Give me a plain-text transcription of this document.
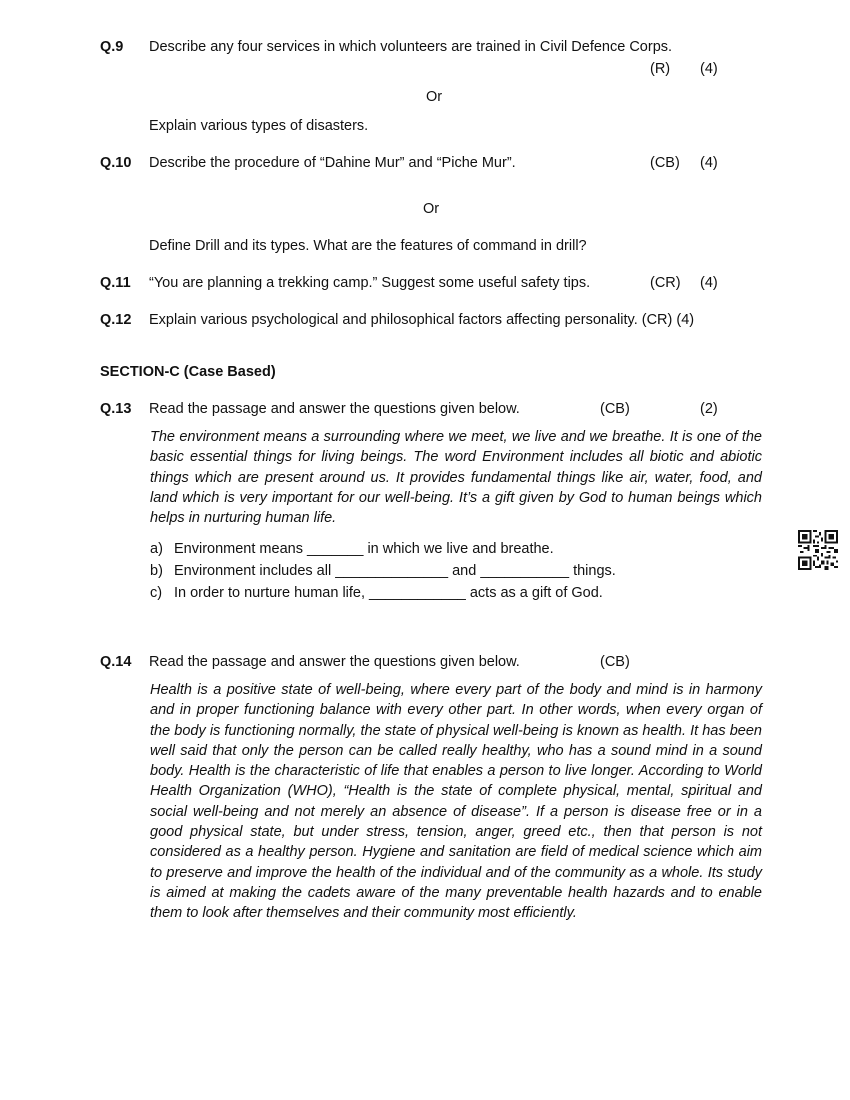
Q.9 Describe any four services in which volunteers are trained in Civil Defence Corps.
(R) (4)
Or
Explain various types of disasters.
Q.10 Describe the procedure of “Dahine Mur” and “Piche Mur”.	(CB) (4)
Or
Define Drill and its types. What are the features of command in drill?
Q.11 “You are planning a trekking camp.” Suggest some useful safety tips.	(CR) (4)
Q.12 Explain various psychological and philosophical factors affecting personality. (CR) (4)
SECTION-C (Case Based)
Q.13 Read the passage and answer the questions given below.	(CB)	(2)
The environment means a surrounding where we meet, we live and we breathe. It is one of the basic essential things for living beings. The word Environment includes all biotic and abiotic things which are present around us. It provides fundamental things like air, water, food, and land which is very important for our well-being. It’s a gift given by God to human beings which helps in nurturing human life.
a) Environment means _______ in which we live and breathe.
b) Environment includes all ______________ and ___________ things.
c) In order to nurture human life, ____________ acts as a gift of God.
Q.14 Read the passage and answer the questions given below.	(CB)
Health is a positive state of well-being, where every part of the body and mind is in harmony and in proper functioning balance with every other part. In other words, when every organ of the body is functioning normally, the state of physical well-being is known as health. It has been well said that only the person can be called really healthy, who has a sound mind in a sound body. Health is the characteristic of life that enables a person to live longer. According to World Health Organization (WHO), “Health is the state of complete physical, mental, spiritual and social well-being and not merely an absence of disease”. If a person is disease free or in a good physical state, but under stress, tension, anger, greed etc., then that person is not considered as a healthy person. Hygiene and sanitation are field of medical science which aim to preserve and improve the health of the individual and of the community as a whole. Its study is aimed at making the cadets aware of the many preventable health hazards and to enable them to look after themselves and their community most efficiently.
